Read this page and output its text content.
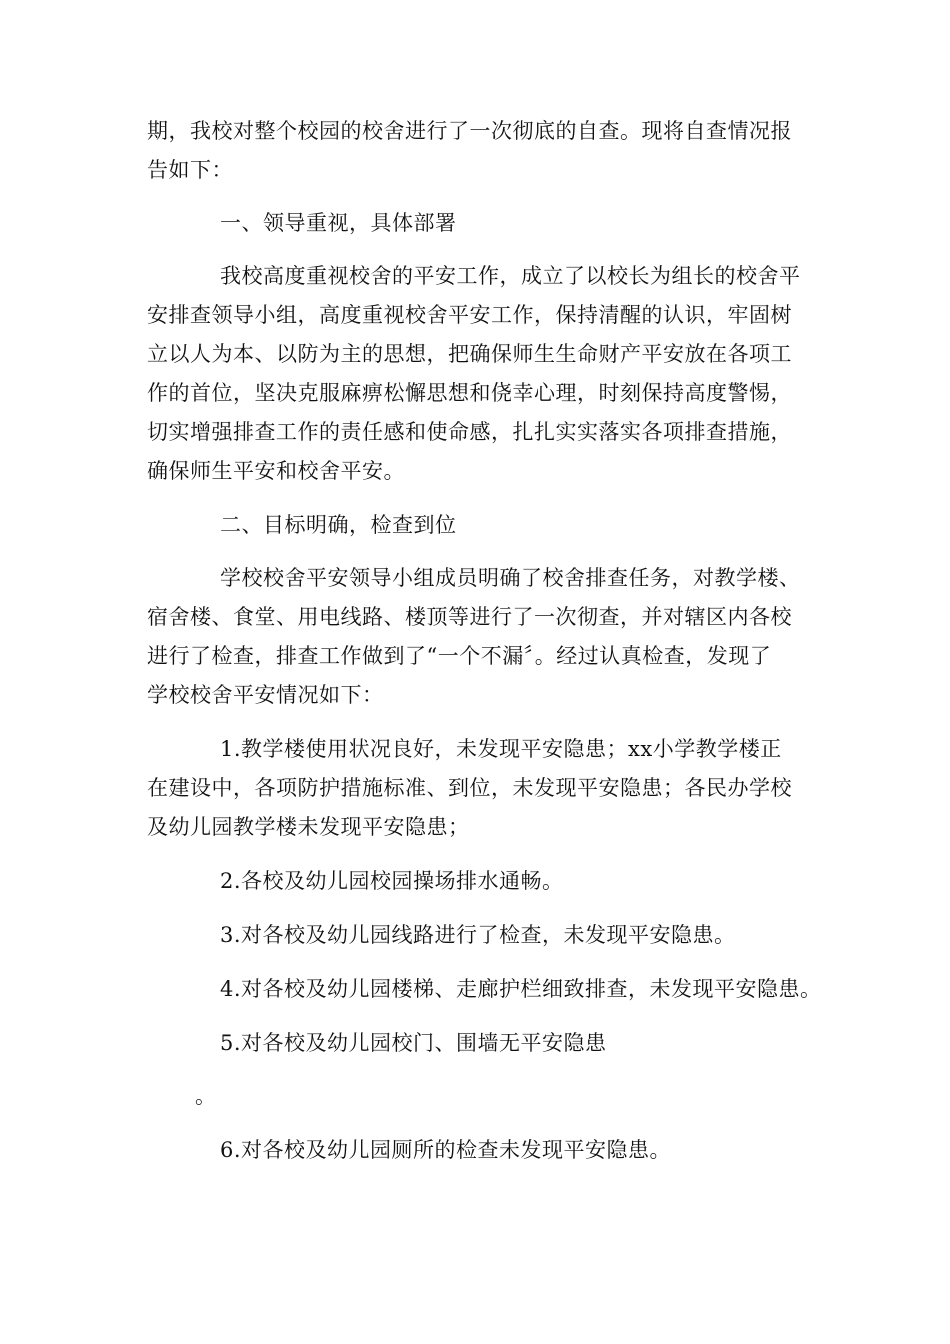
期，我校对整个校园的校舍进行了一次彻底的自查。现将自查情况报
告如下：
一、领导重视，具体部署
我校高度重视校舍的平安工作，成立了以校长为组长的校舍平
安排查领导小组，高度重视校舍平安工作，保持清醒的认识，牢固树
立以人为本、以防为主的思想，把确保师生生命财产平安放在各项工
作的首位，坚决克服麻痹松懈思想和侥幸心理，时刻保持高度警惕，
切实增强排查工作的责任感和使命感，扎扎实实落实各项排查措施，
确保师生平安和校舍平安。
二、目标明确，检查到位
学校校舍平安领导小组成员明确了校舍排查任务，对教学楼、
宿舍楼、食堂、用电线路、楼顶等进行了一次彻查，并对辖区内各校
进行了检查，排查工作做到了“一个不漏〞。经过认真检查，发现了
学校校舍平安情况如下：
1.教学楼使用状况良好，未发现平安隐患；xx小学教学楼正
在建设中，各项防护措施标准、到位，未发现平安隐患；各民办学校
及幼儿园教学楼未发现平安隐患；
2.各校及幼儿园校园操场排水通畅。
3.对各校及幼儿园线路进行了检查，未发现平安隐患。
4.对各校及幼儿园楼梯、走廊护栏细致排查，未发现平安隐患。
5.对各校及幼儿园校门、围墙无平安隐患
。
6.对各校及幼儿园厕所的检查未发现平安隐患。
